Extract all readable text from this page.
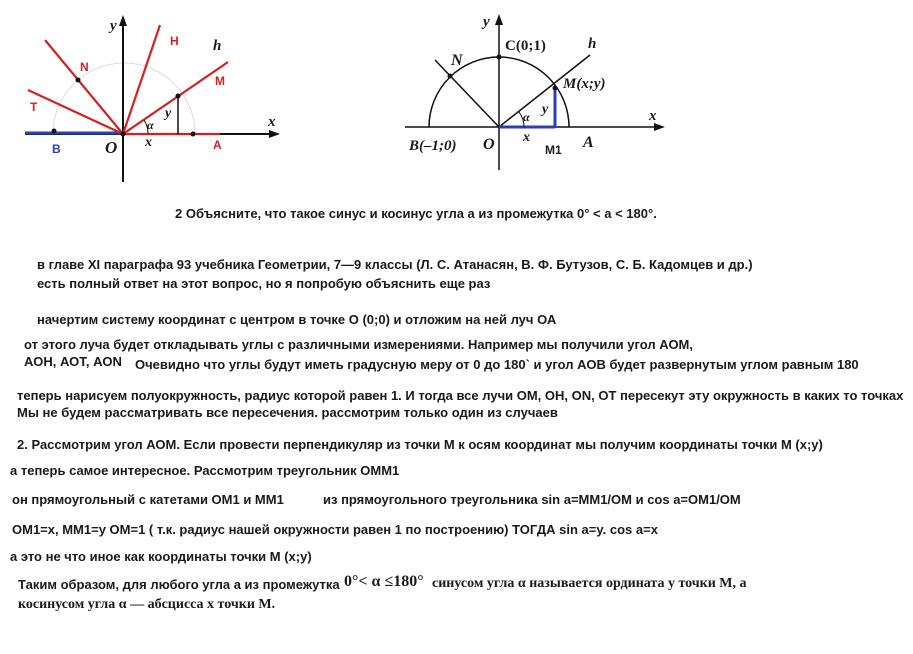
y
x
h
O
y
x
α
N
H
T
M
B	A
y
x
h
C(0;1)
N
M(x;y)
B(–1;0) O x
y
α
M1 A
2 Объясните, что такое синус и косинус угла а из промежутка 0° < a < 180°.
в главе XI параграфа 93 учебника Геометрии, 7—9 классы (Л. С. Атанасян, В. Ф. Бутузов, С. Б. Кадомцев и др.)
есть полный ответ на этот вопрос, но я попробую объяснить еще раз
начертим систему координат с центром в точке О (0;0) и отложим на ней луч ОА
от этого луча будет откладывать углы с различными измерениями. Например мы получили угол АОМ,
АОН, АОТ, АОN Очевидно что углы будут иметь градусную меру от 0 до 180` и угол АОВ будет развернутым углом равным 180
теперь нарисуем полуокружность, радиус которой равен 1. И тогда все лучи ОМ, ОН, ОN, ОТ пересекут эту окружность в каких то точках
Мы не будем рассматривать все пересечения. рассмотрим только один из случаев
2. Рассмотрим угол АОМ. Если провести перпендикуляр из точки М к осям координат мы получим координаты точки М (х;у)
а теперь самое интересное. Рассмотрим треугольник ОММ1
он прямоугольный с катетами ОМ1 и ММ1	из прямоугольного треугольника sin a=MM1/OM и cos a=OM1/OM
OM1=x, MM1=y OM=1 ( т.к. радиус нашей окружности равен 1 по построению) ТОГДА sin a=y. cos a=x
а это не что иное как координаты точки М (х;у)
Таким образом, для любого угла а из промежутка 0°< α ≤180° синусом угла α называется ордината y точки M, а
косинусом угла α — абсцисса x точки M.
